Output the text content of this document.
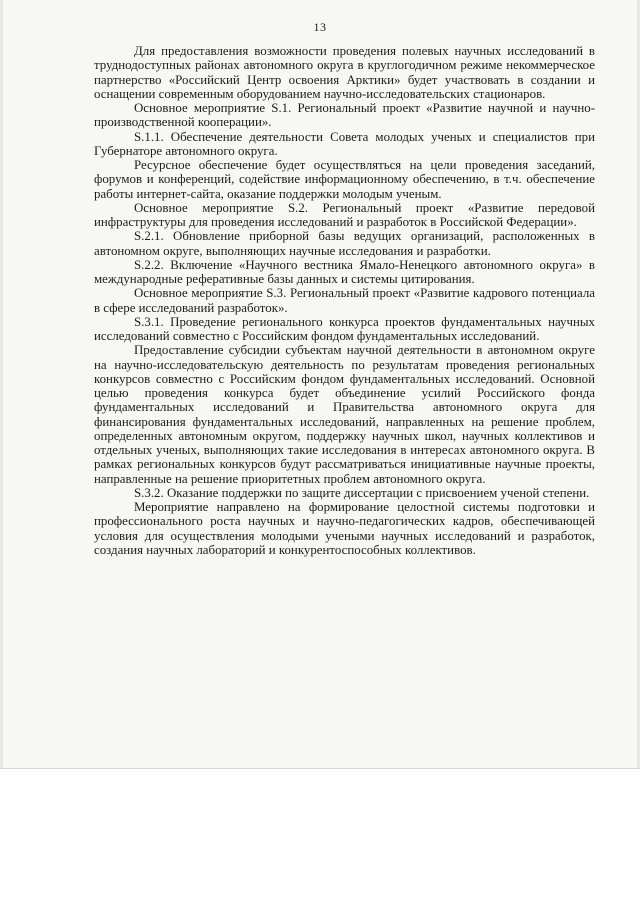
13

Для предоставления возможности проведения полевых научных исследований в труднодоступных районах автономного округа в круглогодичном режиме некоммерческое партнерство «Российский Центр освоения Арктики» будет участвовать в создании и оснащении современным оборудованием научно-исследовательских стационаров.

Основное мероприятие S.1. Региональный проект «Развитие научной и научно-производственной кооперации».

S.1.1. Обеспечение деятельности Совета молодых ученых и специалистов при Губернаторе автономного округа.

Ресурсное обеспечение будет осуществляться на цели проведения заседаний, форумов и конференций, содействие информационному обеспечению, в т.ч. обеспечение работы интернет-сайта, оказание поддержки молодым ученым.

Основное мероприятие S.2. Региональный проект «Развитие передовой инфраструктуры для проведения исследований и разработок в Российской Федерации».

S.2.1. Обновление приборной базы ведущих организаций, расположенных в автономном округе, выполняющих научные исследования и разработки.

S.2.2. Включение «Научного вестника Ямало-Ненецкого автономного округа» в международные реферативные базы данных и системы цитирования.

Основное мероприятие S.3. Региональный проект «Развитие кадрового потенциала в сфере исследований разработок».

S.3.1. Проведение регионального конкурса проектов фундаментальных научных исследований совместно с Российским фондом фундаментальных исследований.

Предоставление субсидии субъектам научной деятельности в автономном округе на научно-исследовательскую деятельность по результатам проведения региональных конкурсов совместно с Российским фондом фундаментальных исследований. Основной целью проведения конкурса будет объединение усилий Российского фонда фундаментальных исследований и Правительства автономного округа для финансирования фундаментальных исследований, направленных на решение проблем, определенных автономным округом, поддержку научных школ, научных коллективов и отдельных ученых, выполняющих такие исследования в интересах автономного округа. В рамках региональных конкурсов будут рассматриваться инициативные научные проекты, направленные на решение приоритетных проблем автономного округа.

S.3.2. Оказание поддержки по защите диссертации с присвоением ученой степени.

Мероприятие направлено на формирование целостной системы подготовки и профессионального роста научных и научно-педагогических кадров, обеспечивающей условия для осуществления молодыми учеными научных исследований и разработок, создания научных лабораторий и конкурентоспособных коллективов.
